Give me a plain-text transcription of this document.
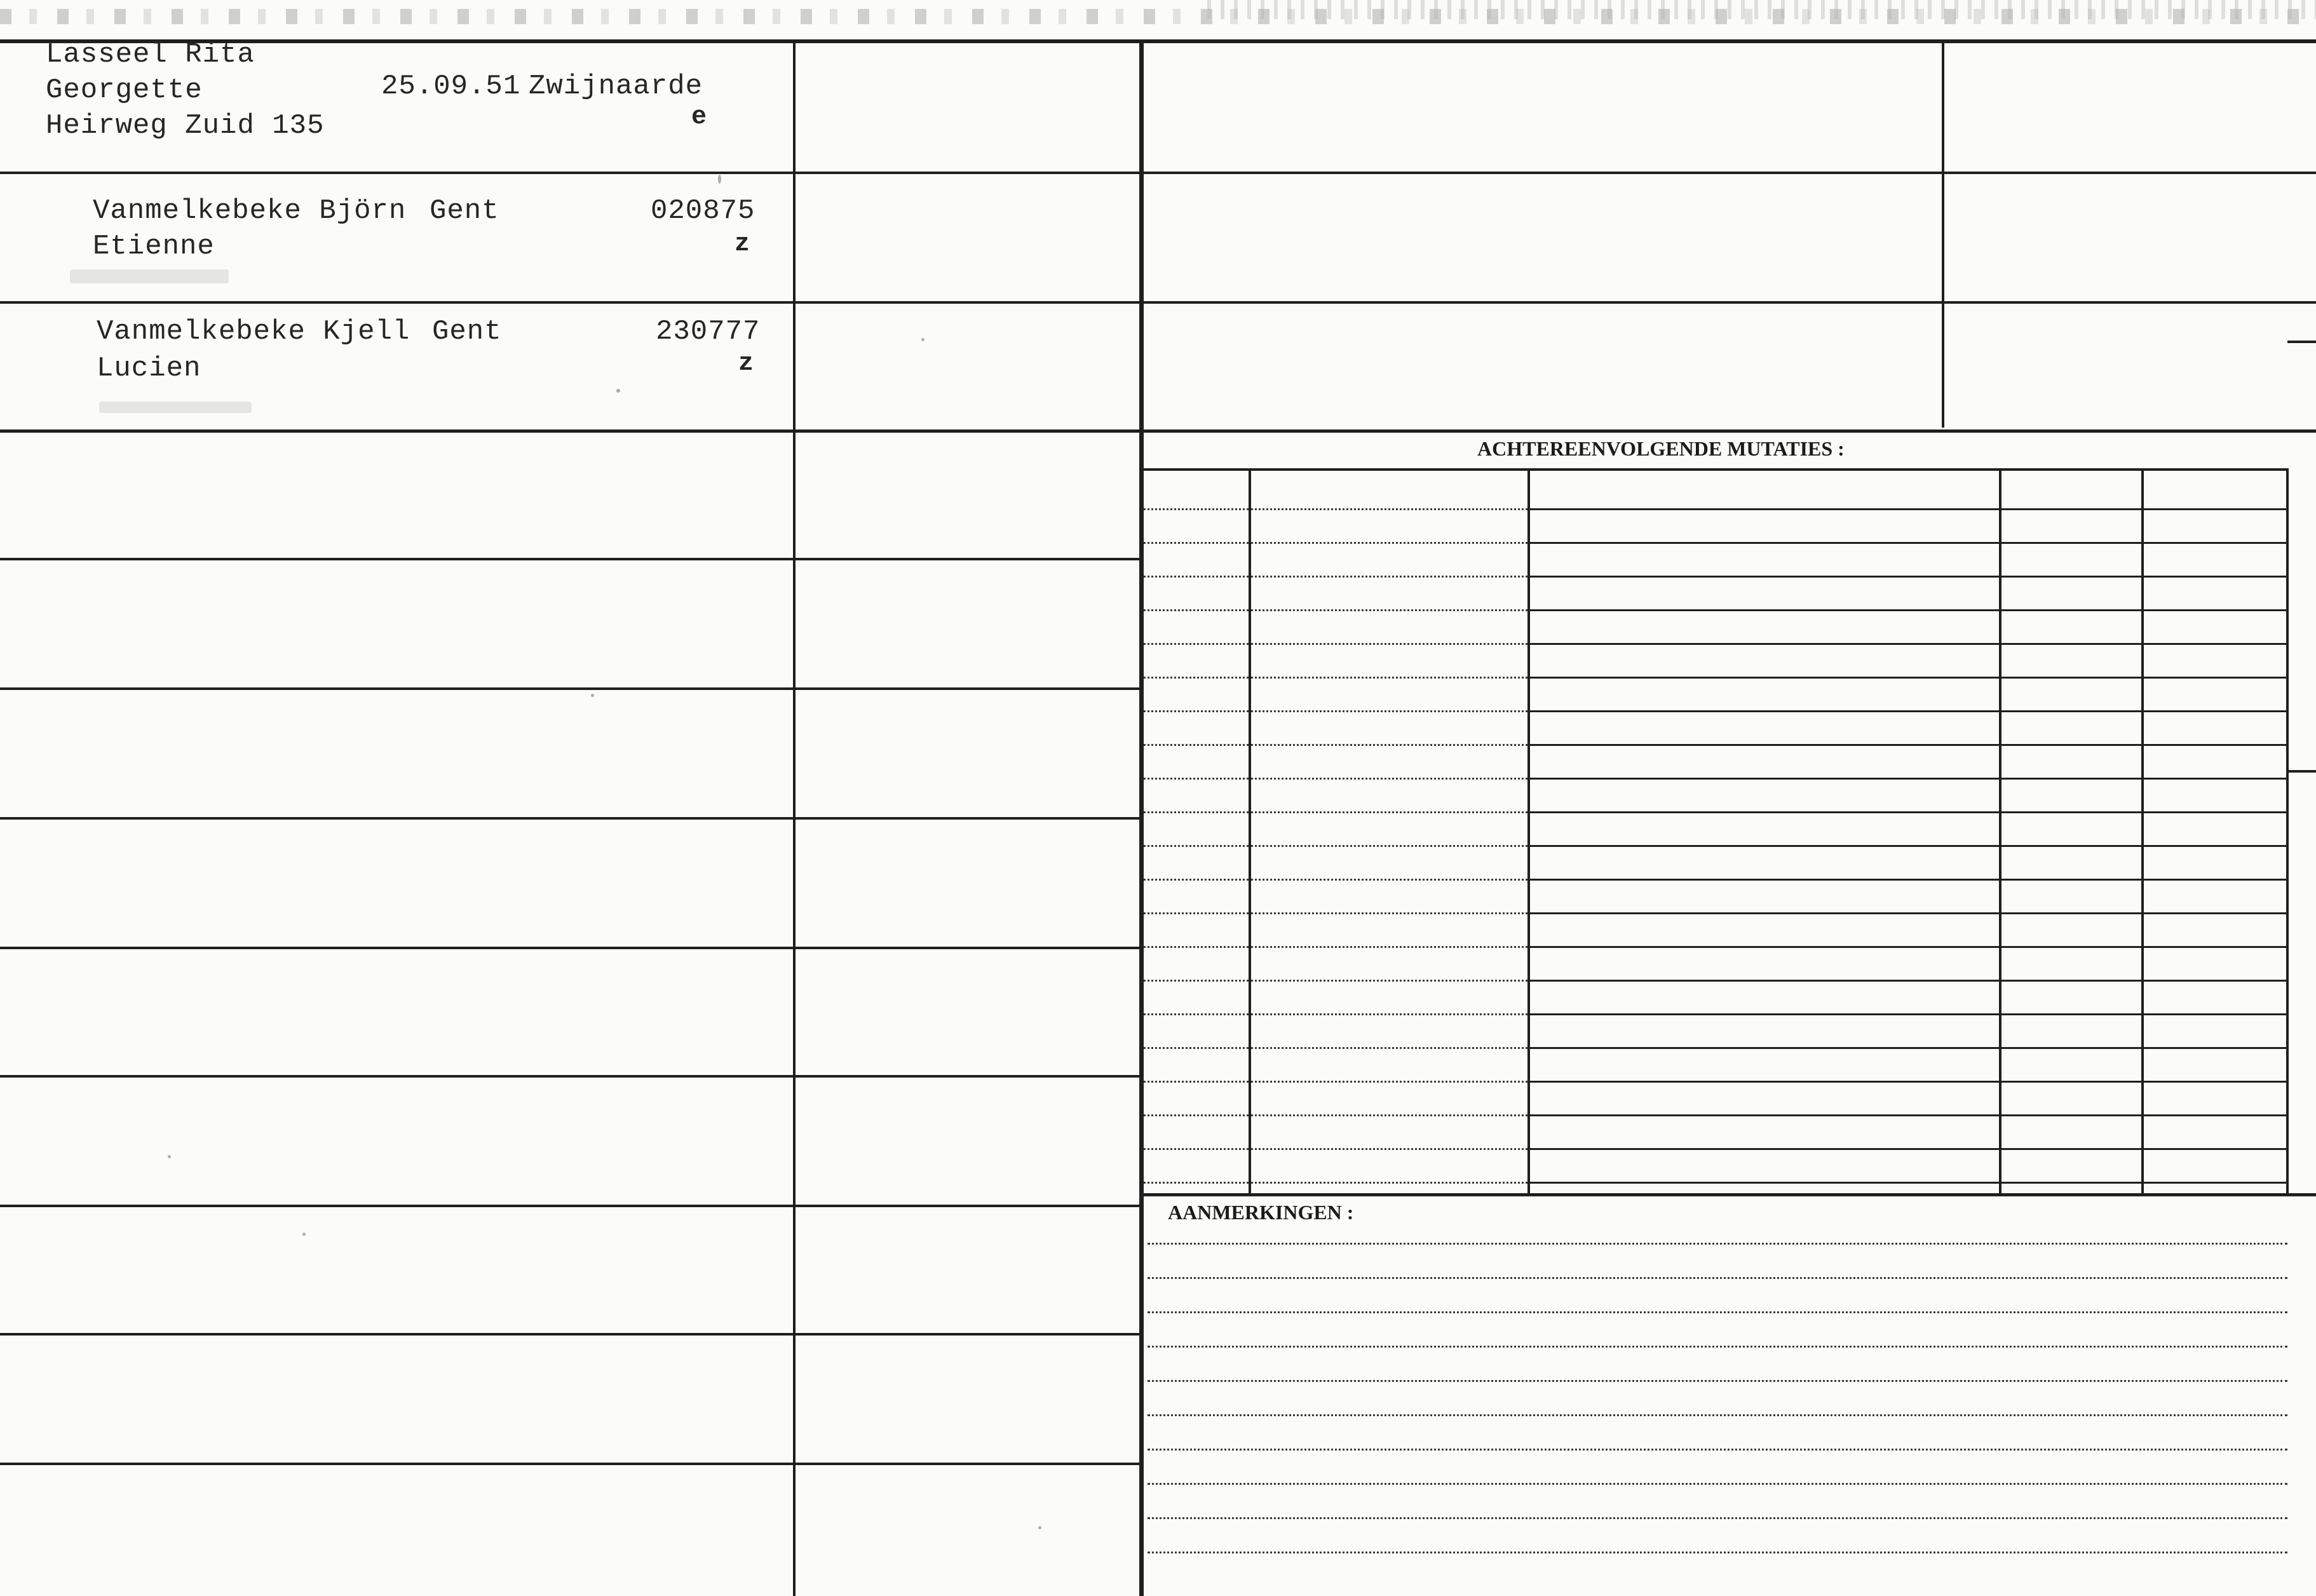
Lasseel Rita
Georgette
Heirweg Zuid 135
25.09.51 Zwijnaarde
e
Vanmelkebeke Björn
Etienne
Gent	020875
z
Vanmelkebeke Kjell
Lucien
Gent	230777
z
ACHTEREENVOLGENDE MUTATIES :
AANMERKINGEN :
